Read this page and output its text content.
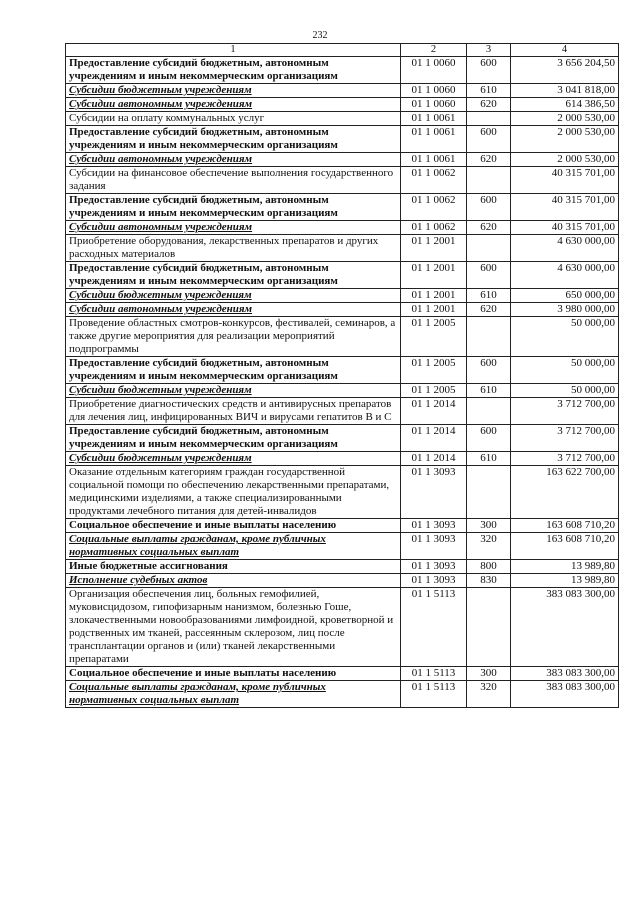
232
1	2	3	4
Предоставление субсидий бюджетным, автономным учреждениям и иным некоммерческим организациям	01 1 0060	600	3 656 204,50
Субсидии бюджетным учреждениям	01 1 0060	610	3 041 818,00
Субсидии автономным учреждениям	01 1 0060	620	614 386,50
Субсидии на оплату коммунальных услуг	01 1 0061		2 000 530,00
Предоставление субсидий бюджетным, автономным учреждениям и иным некоммерческим организациям	01 1 0061	600	2 000 530,00
Субсидии автономным учреждениям	01 1 0061	620	2 000 530,00
Субсидии на финансовое обеспечение выполнения государственного задания	01 1 0062		40 315 701,00
Предоставление субсидий бюджетным, автономным учреждениям и иным некоммерческим организациям	01 1 0062	600	40 315 701,00
Субсидии автономным учреждениям	01 1 0062	620	40 315 701,00
Приобретение оборудования, лекарственных препаратов и других расходных материалов	01 1 2001		4 630 000,00
Предоставление субсидий бюджетным, автономным учреждениям и иным некоммерческим организациям	01 1 2001	600	4 630 000,00
Субсидии бюджетным учреждениям	01 1 2001	610	650 000,00
Субсидии автономным учреждениям	01 1 2001	620	3 980 000,00
Проведение областных смотров-конкурсов, фестивалей, семинаров, а также другие мероприятия для реализации мероприятий подпрограммы	01 1 2005		50 000,00
Предоставление субсидий бюджетным, автономным учреждениям и иным некоммерческим организациям	01 1 2005	600	50 000,00
Субсидии бюджетным учреждениям	01 1 2005	610	50 000,00
Приобретение диагностических средств и антивирусных препаратов для лечения лиц, инфицированных ВИЧ и вирусами гепатитов В и С	01 1 2014		3 712 700,00
Предоставление субсидий бюджетным, автономным учреждениям и иным некоммерческим организациям	01 1 2014	600	3 712 700,00
Субсидии бюджетным учреждениям	01 1 2014	610	3 712 700,00
Оказание отдельным категориям граждан государственной социальной помощи по обеспечению лекарственными препаратами, медицинскими изделиями, а также специализированными продуктами лечебного питания для детей-инвалидов	01 1 3093		163 622 700,00
Социальное обеспечение и иные выплаты населению	01 1 3093	300	163 608 710,20
Социальные выплаты гражданам, кроме публичных нормативных социальных выплат	01 1 3093	320	163 608 710,20
Иные бюджетные ассигнования	01 1 3093	800	13 989,80
Исполнение судебных актов	01 1 3093	830	13 989,80
Организация обеспечения лиц, больных гемофилией, муковисцидозом, гипофизарным нанизмом, болезнью Гоше, злокачественными новообразованиями лимфоидной, кроветворной и родственных им тканей, рассеянным склерозом, лиц после трансплантации органов и (или) тканей лекарственными препаратами	01 1 5113		383 083 300,00
Социальное обеспечение и иные выплаты населению	01 1 5113	300	383 083 300,00
Социальные выплаты гражданам, кроме публичных нормативных социальных выплат	01 1 5113	320	383 083 300,00
